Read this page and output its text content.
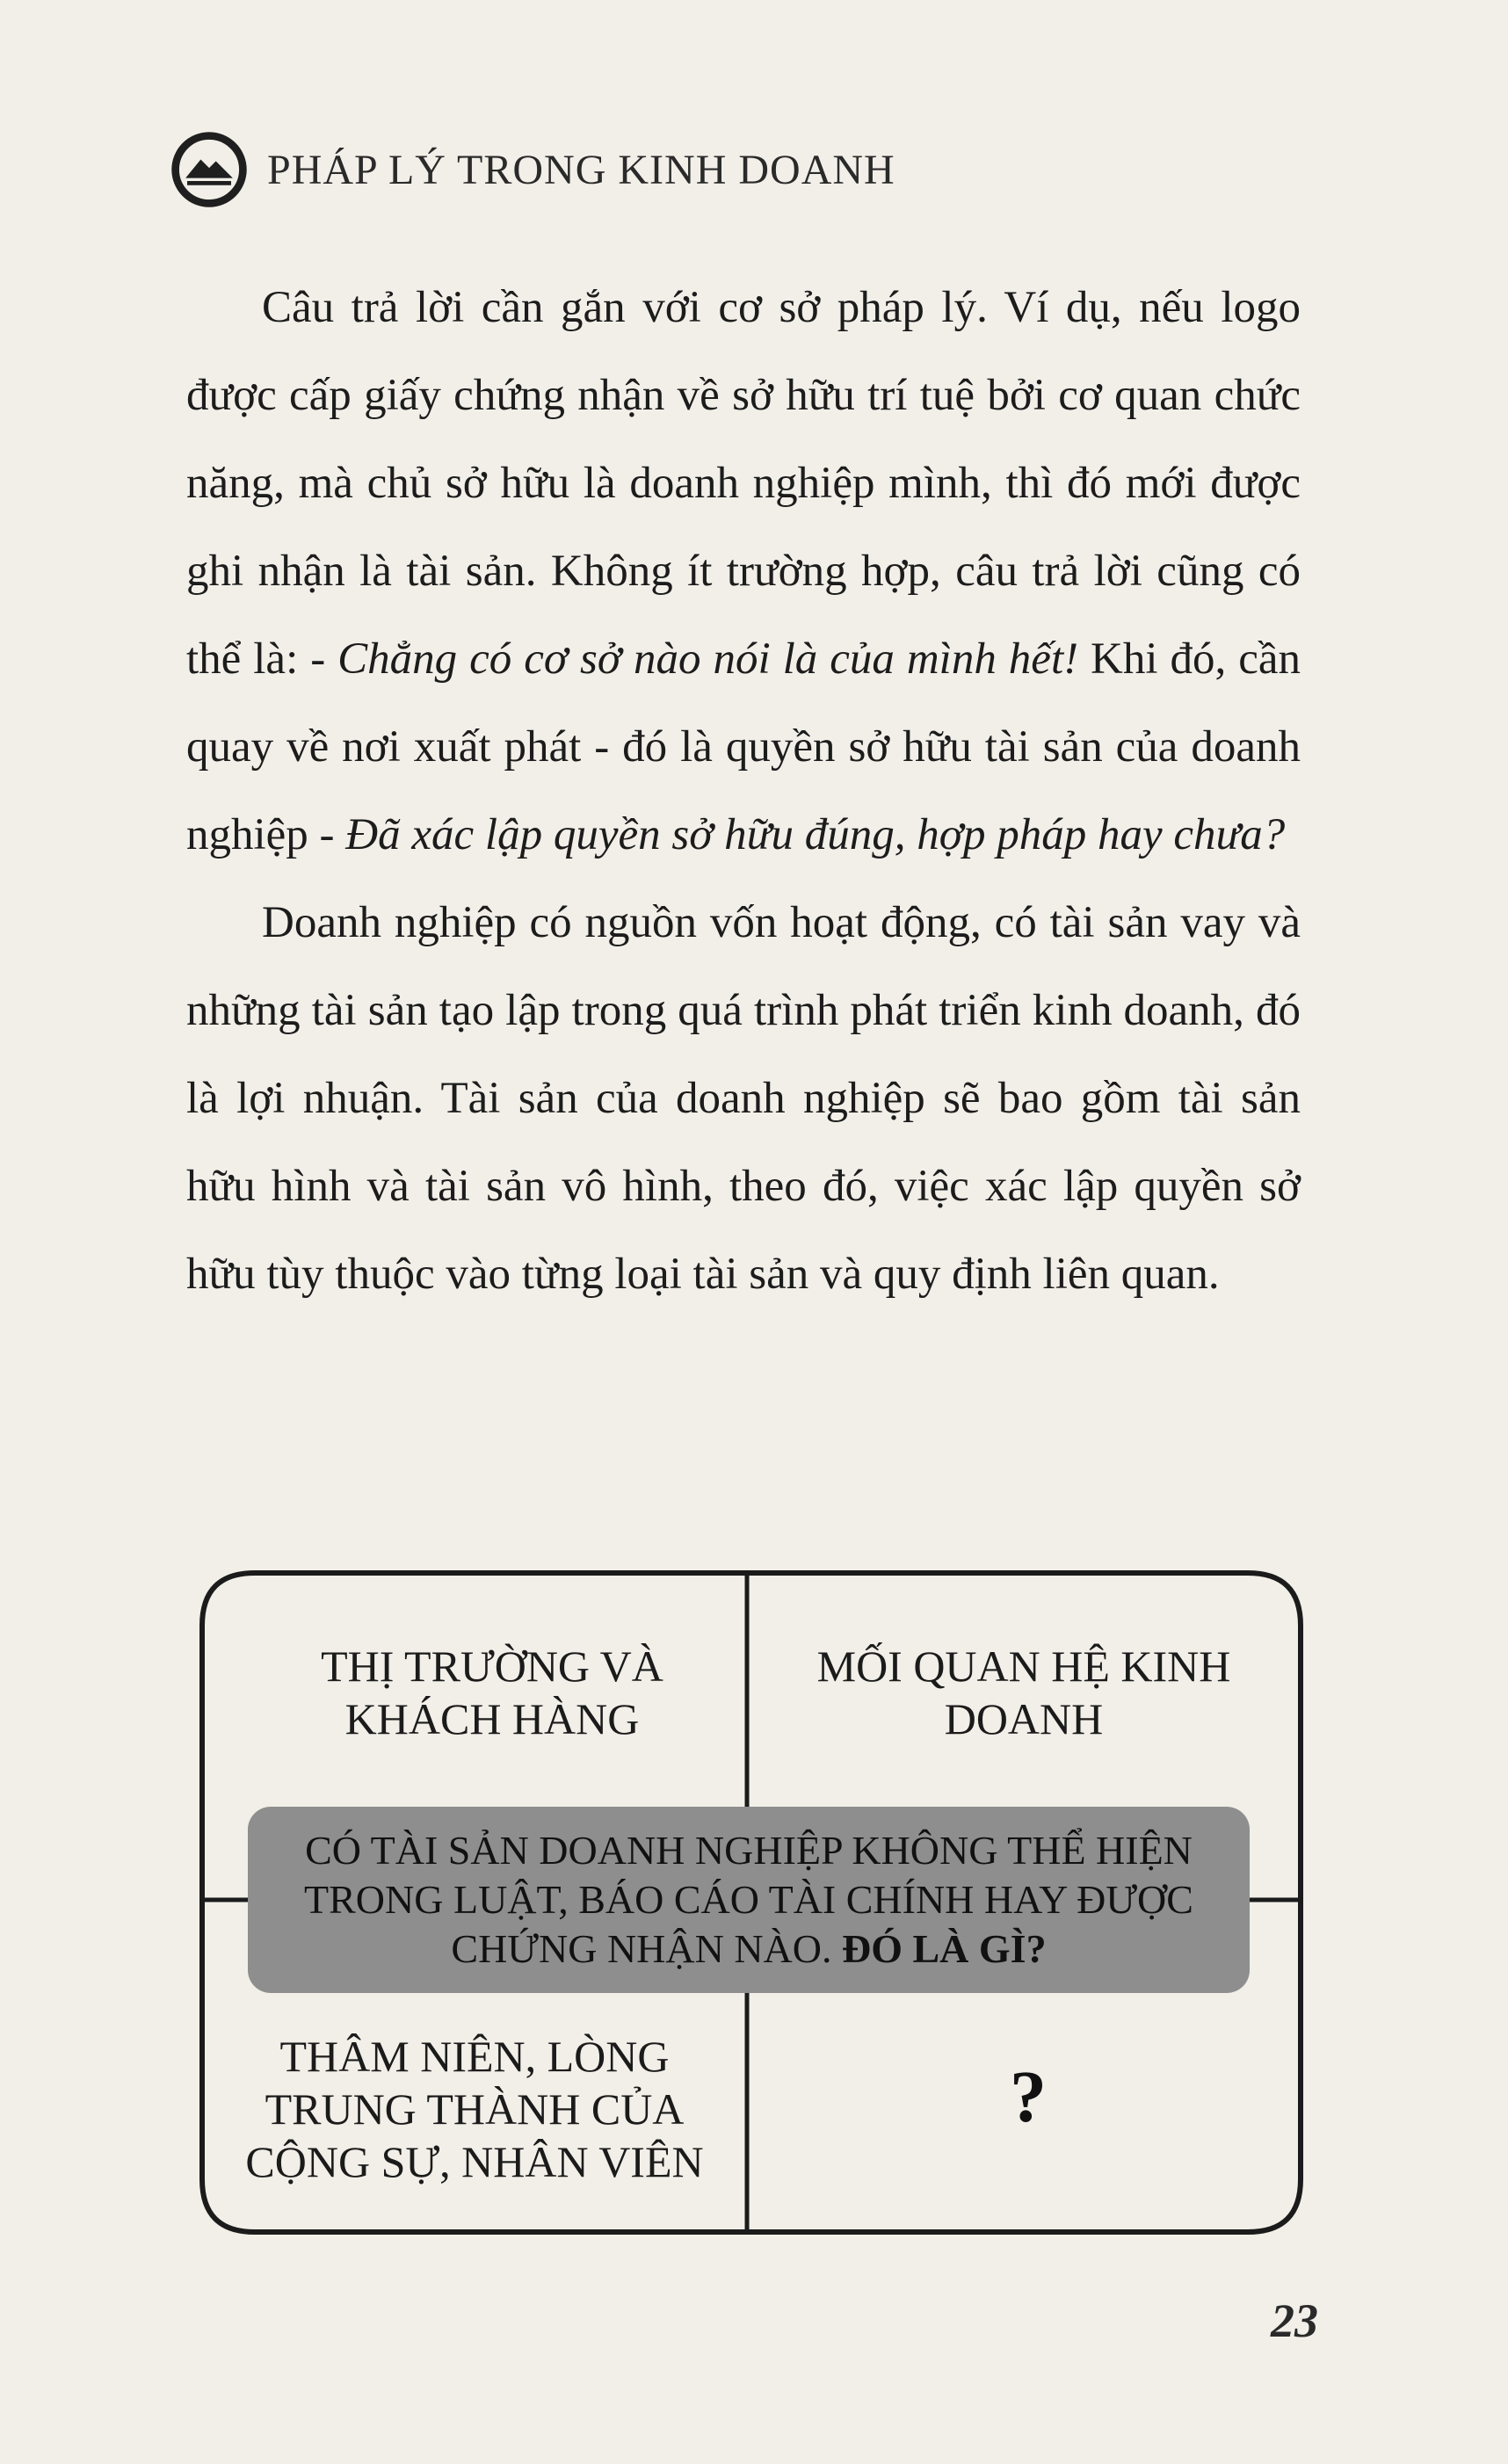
PHÁP LÝ TRONG KINH DOANH

Câu trả lời cần gắn với cơ sở pháp lý. Ví dụ, nếu logo được cấp giấy chứng nhận về sở hữu trí tuệ bởi cơ quan chức năng, mà chủ sở hữu là doanh nghiệp mình, thì đó mới được ghi nhận là tài sản. Không ít trường hợp, câu trả lời cũng có thể là: - Chẳng có cơ sở nào nói là của mình hết! Khi đó, cần quay về nơi xuất phát - đó là quyền sở hữu tài sản của doanh nghiệp - Đã xác lập quyền sở hữu đúng, hợp pháp hay chưa?

Doanh nghiệp có nguồn vốn hoạt động, có tài sản vay và những tài sản tạo lập trong quá trình phát triển kinh doanh, đó là lợi nhuận. Tài sản của doanh nghiệp sẽ bao gồm tài sản hữu hình và tài sản vô hình, theo đó, việc xác lập quyền sở hữu tùy thuộc vào từng loại tài sản và quy định liên quan.

THỊ TRƯỜNG VÀ
KHÁCH HÀNG
MỐI QUAN HỆ KINH
DOANH
CÓ TÀI SẢN DOANH NGHIỆP KHÔNG THỂ HIỆN
TRONG LUẬT, BÁO CÁO TÀI CHÍNH HAY ĐƯỢC
CHỨNG NHẬN NÀO. ĐÓ LÀ GÌ?
THÂM NIÊN, LÒNG
TRUNG THÀNH CỦA
CỘNG SỰ, NHÂN VIÊN
?
23
